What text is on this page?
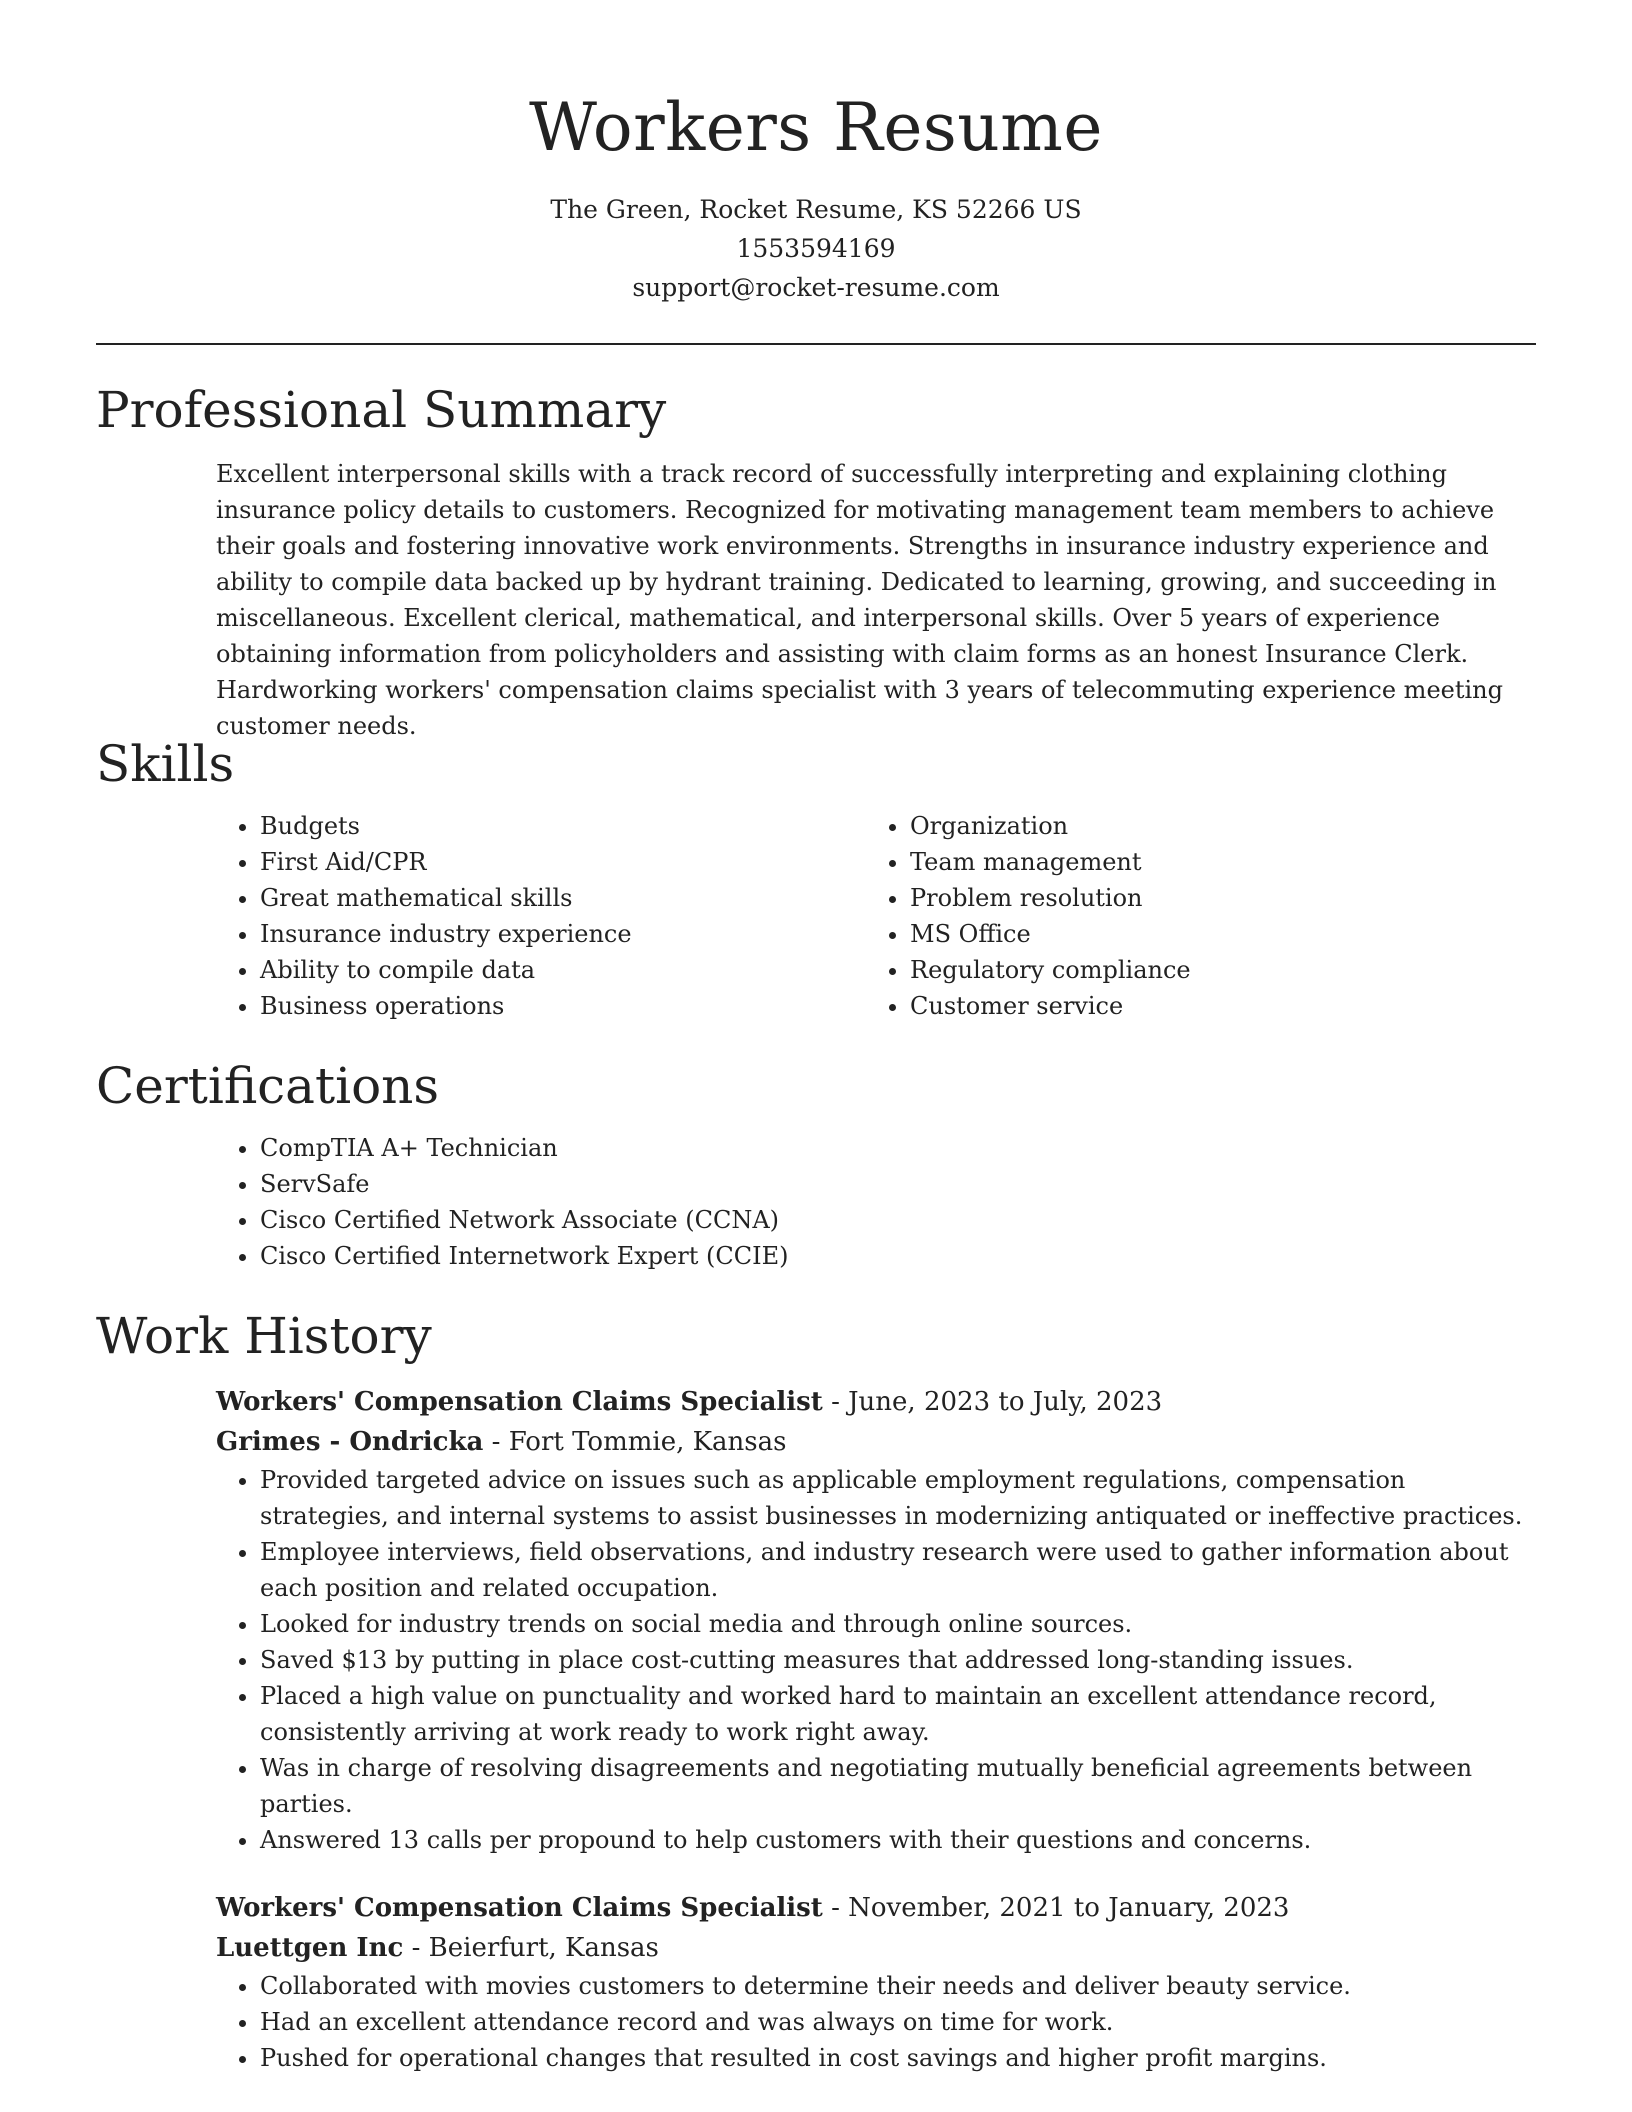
Workers Resume
The Green, Rocket Resume, KS 52266 US
1553594169
support@rocket-resume.com
Professional Summary

Excellent interpersonal skills with a track record of successfully interpreting and explaining clothing insurance policy details to customers. Recognized for motivating management team members to achieve their goals and fostering innovative work environments. Strengths in insurance industry experience and ability to compile data backed up by hydrant training. Dedicated to learning, growing, and succeeding in miscellaneous. Excellent clerical, mathematical, and interpersonal skills. Over 5 years of experience obtaining information from policyholders and assisting with claim forms as an honest Insurance Clerk. Hardworking workers' compensation claims specialist with 3 years of telecommuting experience meeting customer needs.

Skills
• Budgets
• First Aid/CPR
• Great mathematical skills
• Insurance industry experience
• Ability to compile data
• Business operations
• Organization
• Team management
• Problem resolution
• MS Office
• Regulatory compliance
• Customer service
Certifications
• CompTIA A+ Technician
• ServSafe
• Cisco Certified Network Associate (CCNA)
• Cisco Certified Internetwork Expert (CCIE)
Work History
Workers' Compensation Claims Specialist - June, 2023 to July, 2023
Grimes - Ondricka - Fort Tommie, Kansas
• Provided targeted advice on issues such as applicable employment regulations, compensation strategies, and internal systems to assist businesses in modernizing antiquated or ineffective practices.
• Employee interviews, field observations, and industry research were used to gather information about each position and related occupation.
• Looked for industry trends on social media and through online sources.
• Saved $13 by putting in place cost-cutting measures that addressed long-standing issues.
• Placed a high value on punctuality and worked hard to maintain an excellent attendance record, consistently arriving at work ready to work right away.
• Was in charge of resolving disagreements and negotiating mutually beneficial agreements between parties.
• Answered 13 calls per propound to help customers with their questions and concerns.
Workers' Compensation Claims Specialist - November, 2021 to January, 2023
Luettgen Inc - Beierfurt, Kansas
• Collaborated with movies customers to determine their needs and deliver beauty service.
• Had an excellent attendance record and was always on time for work.
• Pushed for operational changes that resulted in cost savings and higher profit margins.
